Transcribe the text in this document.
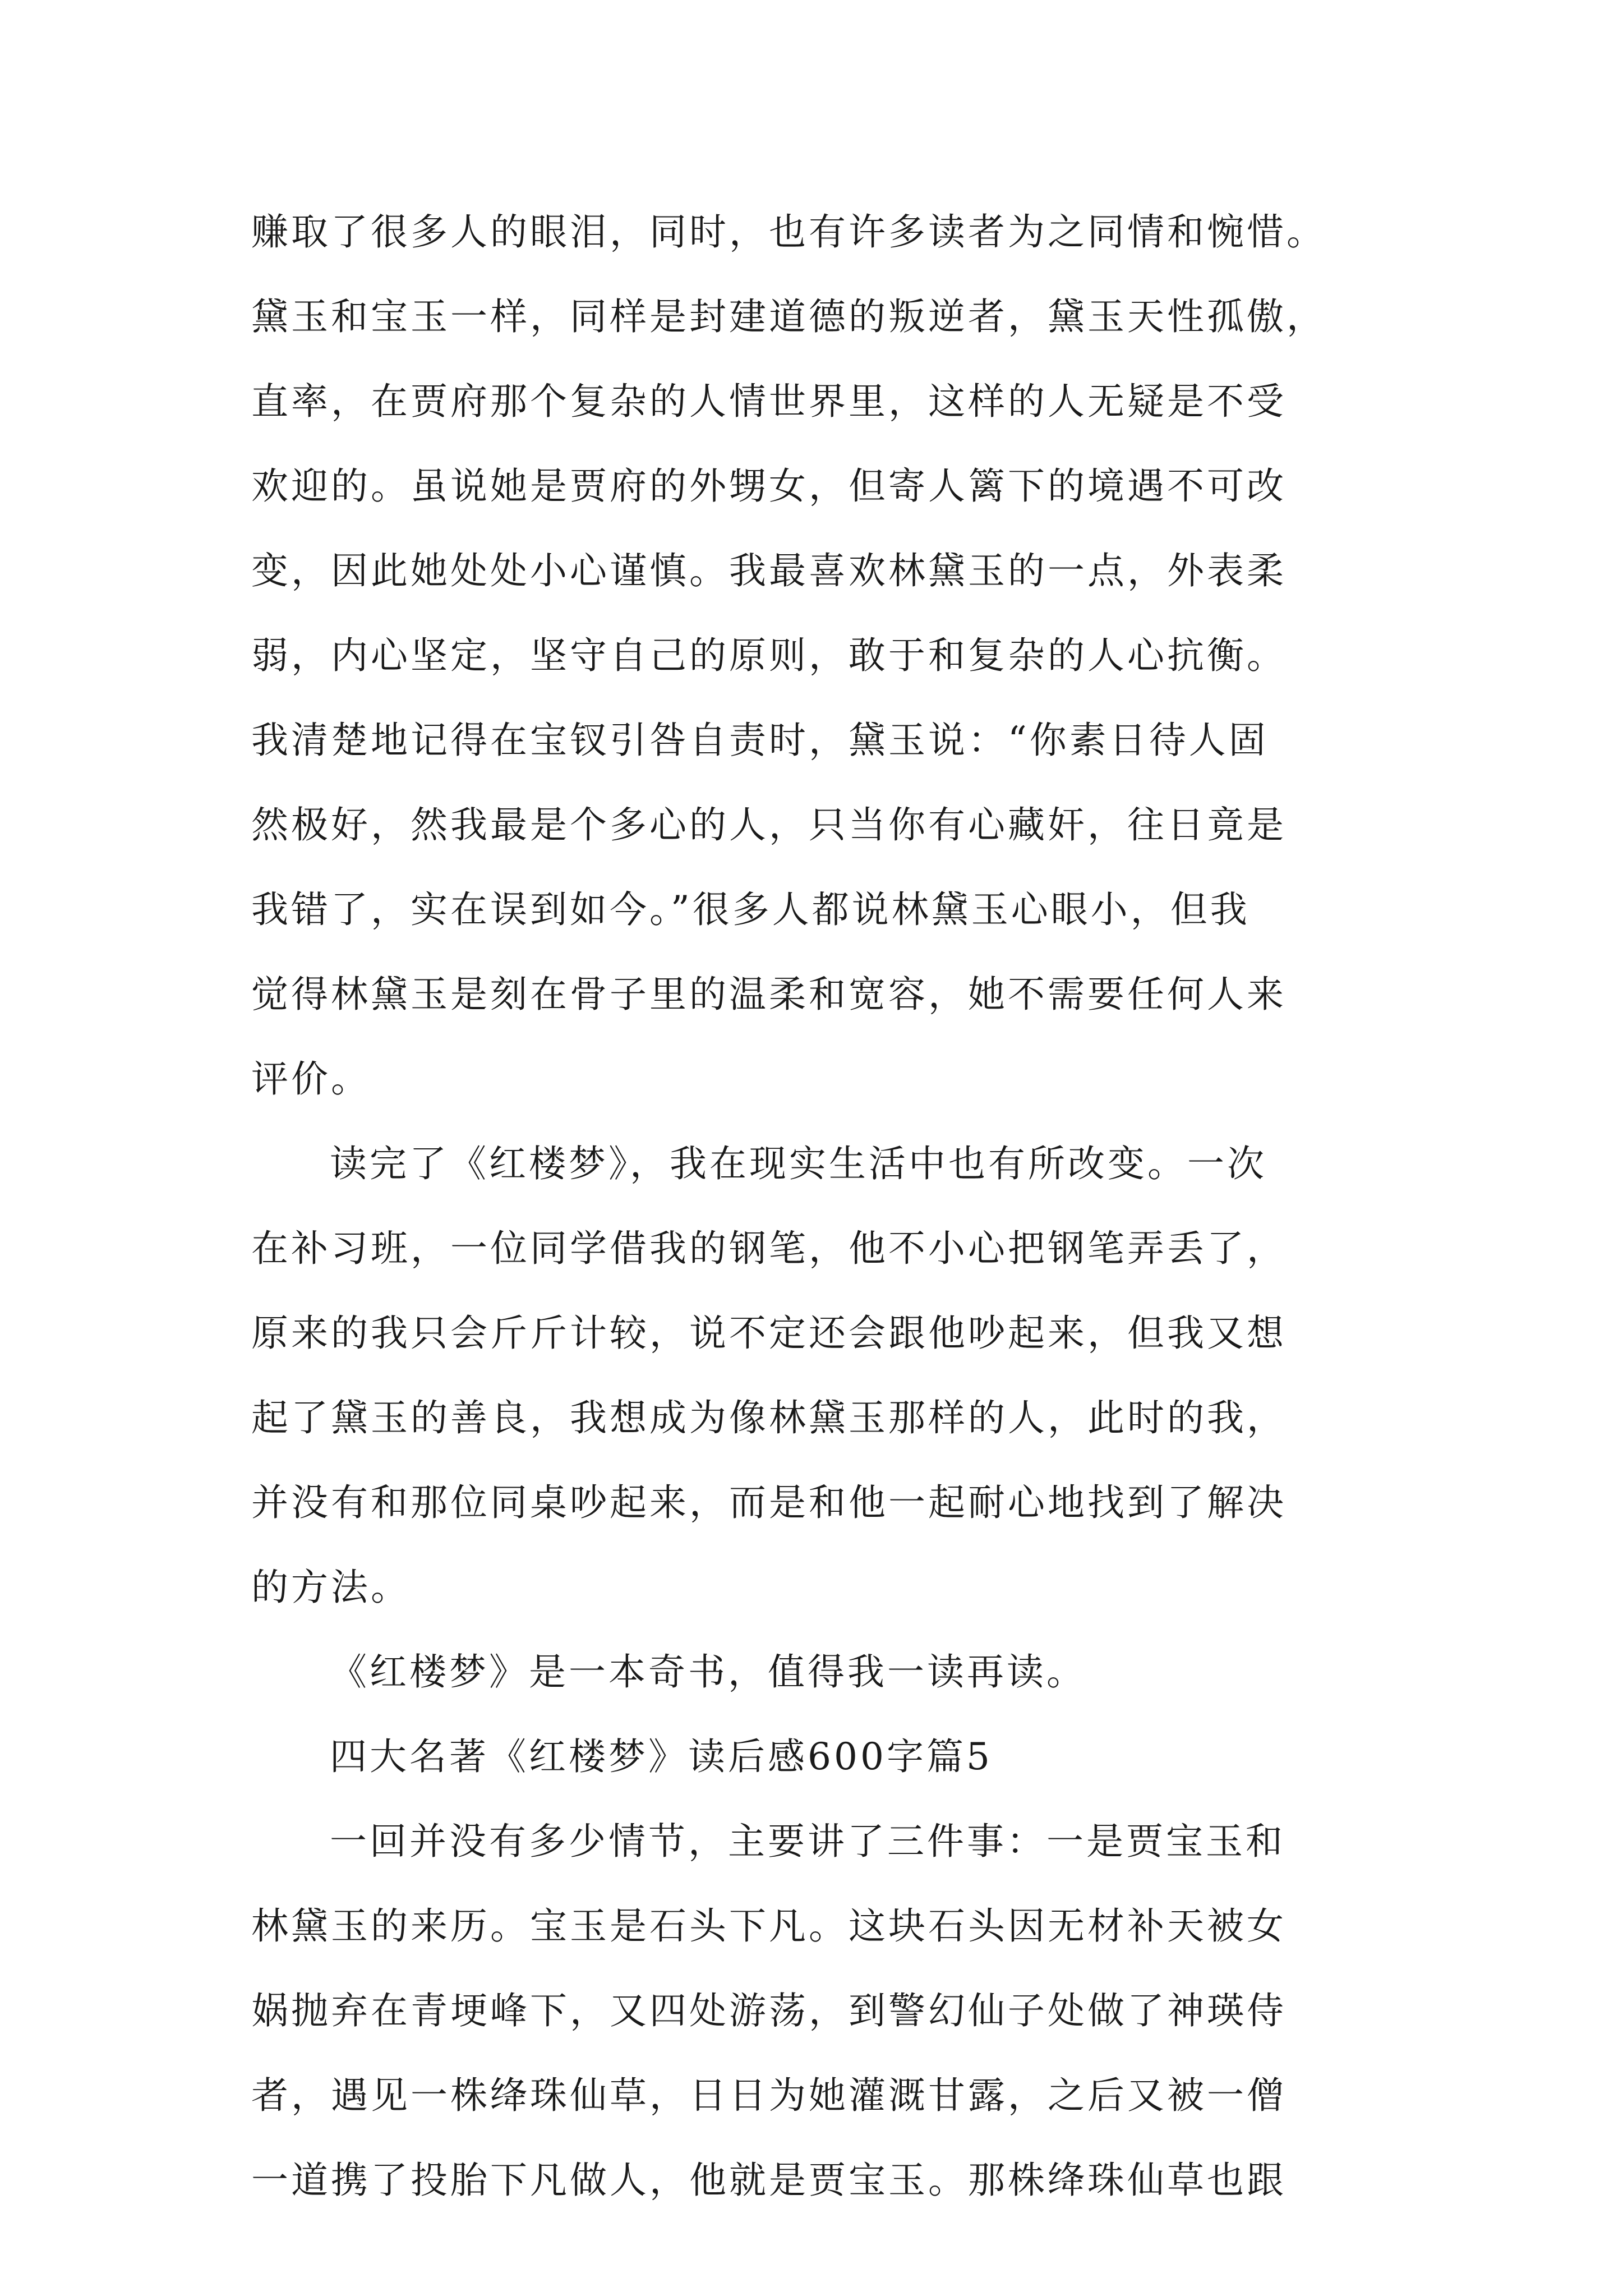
赚取了很多人的眼泪，同时，也有许多读者为之同情和惋惜。
黛玉和宝玉一样，同样是封建道德的叛逆者，黛玉天性孤傲，
直率，在贾府那个复杂的人情世界里，这样的人无疑是不受
欢迎的。虽说她是贾府的外甥女，但寄人篱下的境遇不可改
变，因此她处处小心谨慎。我最喜欢林黛玉的一点，外表柔
弱，内心坚定，坚守自己的原则，敢于和复杂的人心抗衡。
我清楚地记得在宝钗引咎自责时，黛玉说：“你素日待人固
然极好，然我最是个多心的人，只当你有心藏奸，往日竟是
我错了，实在误到如今。”很多人都说林黛玉心眼小，但我
觉得林黛玉是刻在骨子里的温柔和宽容，她不需要任何人来
评价。
读完了《红楼梦》，我在现实生活中也有所改变。一次
在补习班，一位同学借我的钢笔，他不小心把钢笔弄丢了，
原来的我只会斤斤计较，说不定还会跟他吵起来，但我又想
起了黛玉的善良，我想成为像林黛玉那样的人，此时的我，
并没有和那位同桌吵起来，而是和他一起耐心地找到了解决
的方法。
《红楼梦》是一本奇书，值得我一读再读。
四大名著《红楼梦》读后感600字篇5
一回并没有多少情节，主要讲了三件事：一是贾宝玉和
林黛玉的来历。宝玉是石头下凡。这块石头因无材补天被女
娲抛弃在青埂峰下，又四处游荡，到警幻仙子处做了神瑛侍
者，遇见一株绛珠仙草，日日为她灌溉甘露，之后又被一僧
一道携了投胎下凡做人，他就是贾宝玉。那株绛珠仙草也跟
